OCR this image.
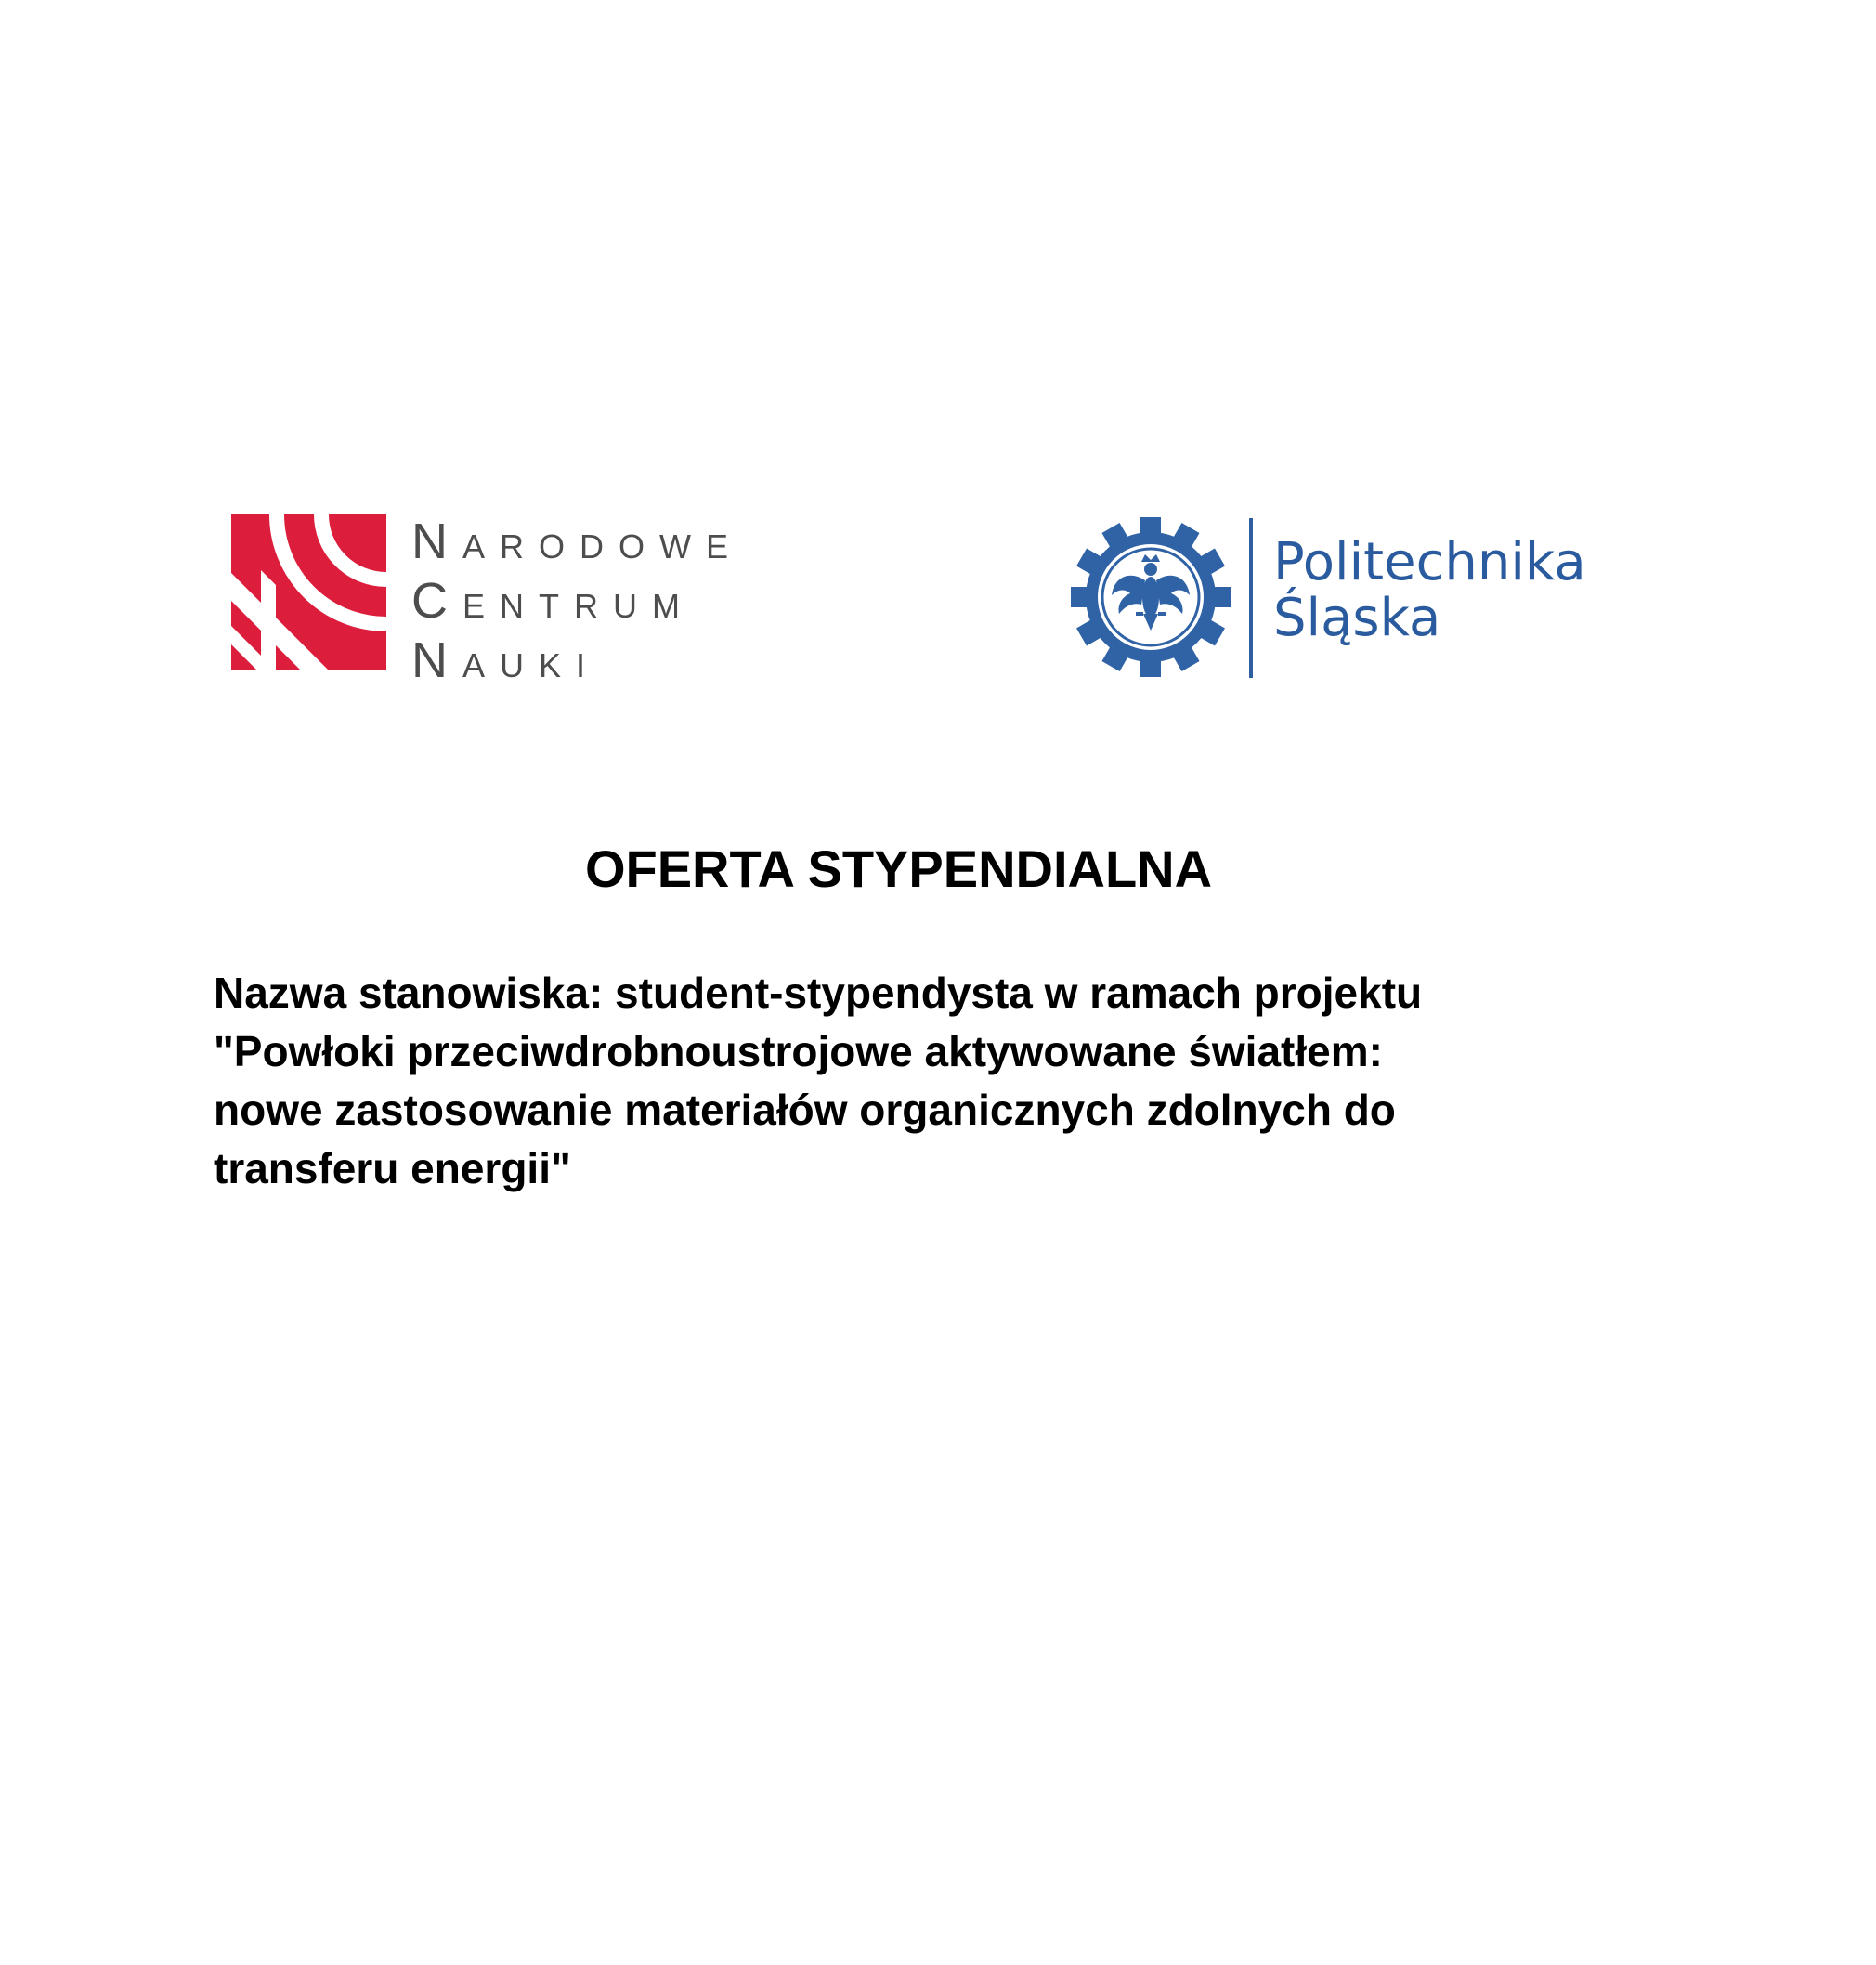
NARODOWE
CENTRUM
NAUKI
Politechnika
Śląska
OFERTA STYPENDIALNA

Nazwa stanowiska: student-stypendysta w ramach projektu
"Powłoki przeciwdrobnoustrojowe aktywowane światłem:
nowe zastosowanie materiałów organicznych zdolnych do
transferu energii"
